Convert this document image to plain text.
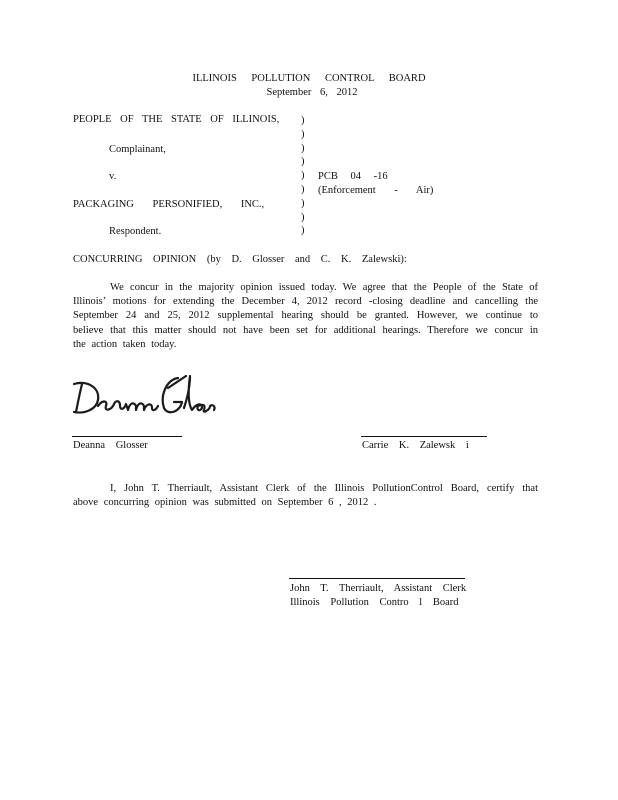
ILLINOIS POLLUTION CONTROL BOARD
September 6, 2012
PEOPLE OF THE STATE OF ILLINOIS,
Complainant,
v.
PACKAGING PERSONIFIED, INC.,
Respondent.
)
)
)
)
)
)
)
)
)
PCB 04 -16
(Enforcement - Air)
CONCURRING OPINION (by D. Glosser and C. K. Zalewski):
We concur in the majority opinion issued today. We agree that the People of the State of Illinois’ motions for extending the December 4, 2012 record -closing deadline and cancelling the September 24 and 25, 2012 supplemental hearing should be granted. However, we continue to believe that this matter should not have been set for additional hearings. Therefore we concur in the action taken today.
Deanna Glosser	Carrie K. Zalewsk i
I, John T. Therriault, Assistant Clerk of the Illinois PollutionControl Board, certify that above concurring opinion was submitted on September 6 , 2012 .
John T. Therriault, Assistant Clerk
Illinois Pollution Contro l Board
